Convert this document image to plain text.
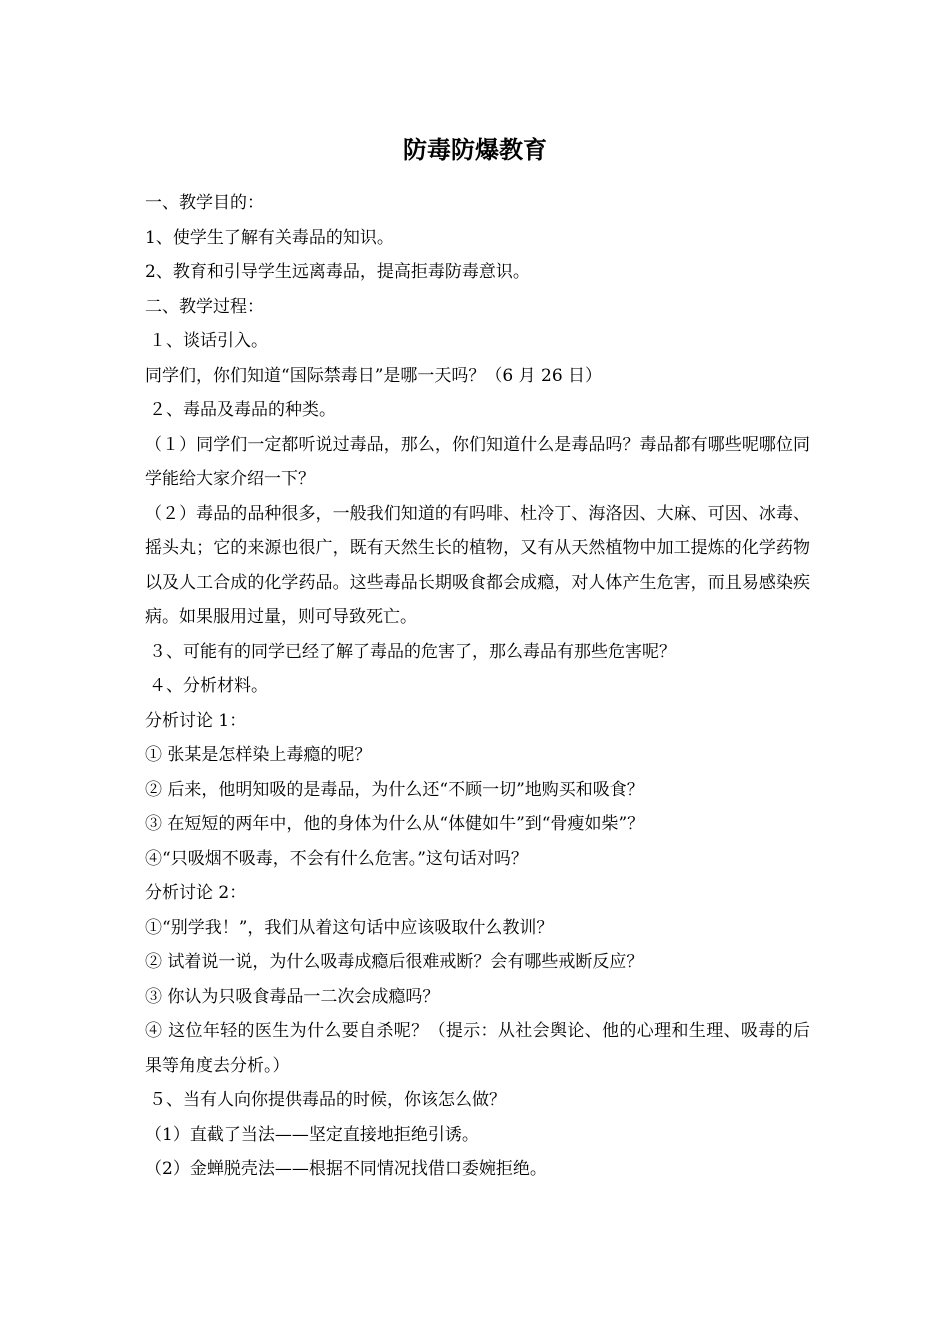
防毒防爆教育
一、教学目的：
1、使学生了解有关毒品的知识。
2、教育和引导学生远离毒品，提高拒毒防毒意识。
二、教学过程：
１、谈话引入。
同学们，你们知道“国际禁毒日”是哪一天吗？（6 月 26 日）
２、毒品及毒品的种类。
（１）同学们一定都听说过毒品，那么，你们知道什么是毒品吗？毒品都有哪些呢哪位同学能给大家介绍一下？
（２）毒品的品种很多，一般我们知道的有吗啡、杜冷丁、海洛因、大麻、可因、冰毒、摇头丸；它的来源也很广，既有天然生长的植物，又有从天然植物中加工提炼的化学药物以及人工合成的化学药品。这些毒品长期吸食都会成瘾，对人体产生危害，而且易感染疾病。如果服用过量，则可导致死亡。
３、可能有的同学已经了解了毒品的危害了，那么毒品有那些危害呢？
４、分析材料。
分析讨论 1：
① 张某是怎样染上毒瘾的呢？
② 后来，他明知吸的是毒品，为什么还“不顾一切”地购买和吸食？
③ 在短短的两年中，他的身体为什么从“体健如牛”到“骨瘦如柴”？
④“只吸烟不吸毒，不会有什么危害。”这句话对吗？
分析讨论 2：
①“别学我！”，我们从着这句话中应该吸取什么教训？
② 试着说一说，为什么吸毒成瘾后很难戒断？会有哪些戒断反应？
③ 你认为只吸食毒品一二次会成瘾吗？
④ 这位年轻的医生为什么要自杀呢？（提示：从社会舆论、他的心理和生理、吸毒的后果等角度去分析。）
５、当有人向你提供毒品的时候，你该怎么做？
（1）直截了当法——坚定直接地拒绝引诱。
（2）金蝉脱壳法——根据不同情况找借口委婉拒绝。
